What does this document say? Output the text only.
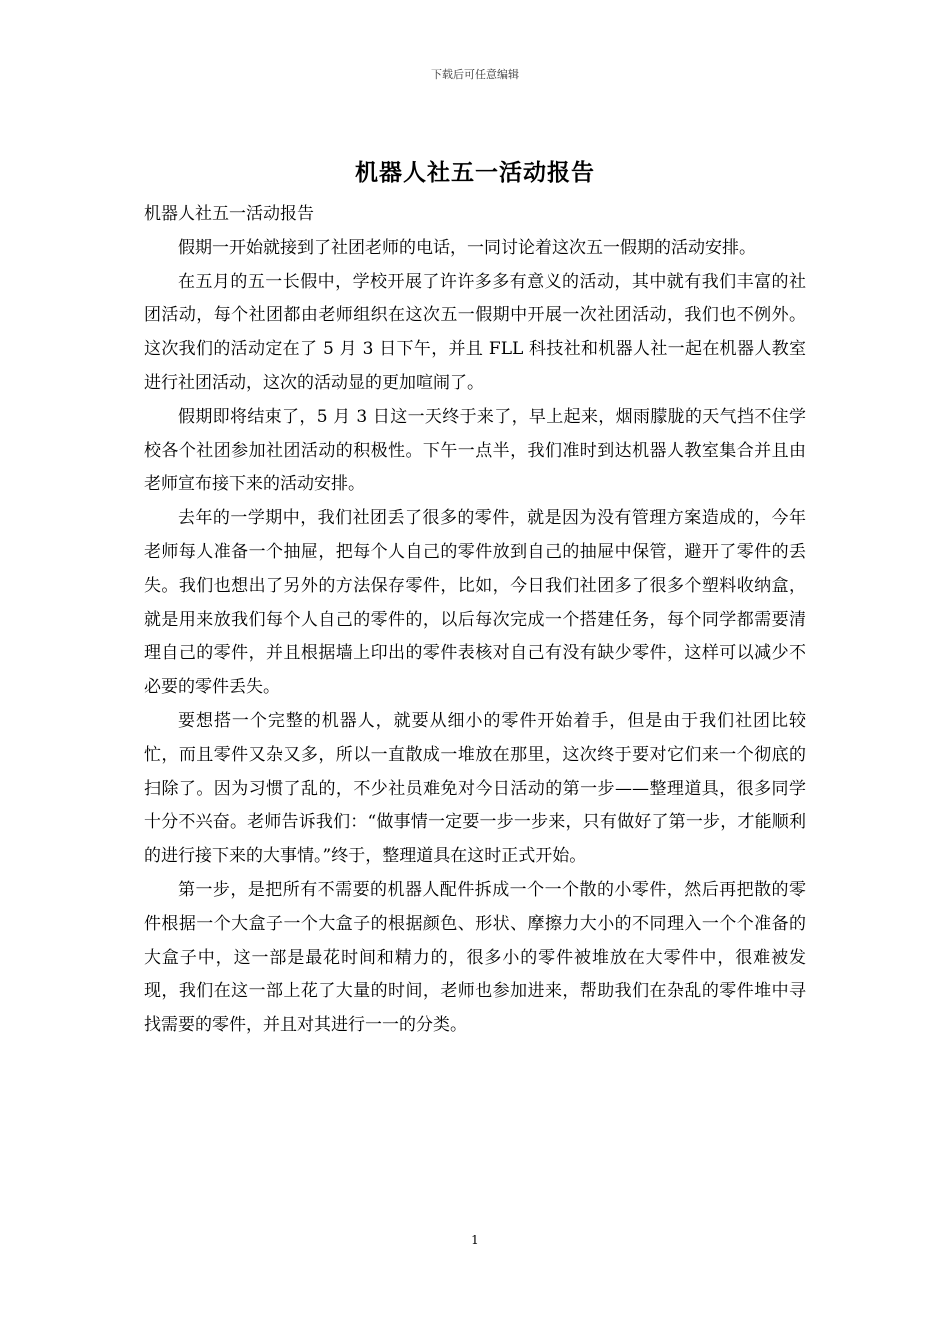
下载后可任意编辑
机器人社五一活动报告

机器人社五一活动报告

假期一开始就接到了社团老师的电话，一同讨论着这次五一假期的活动安排。

在五月的五一长假中，学校开展了许许多多有意义的活动，其中就有我们丰富的社团活动，每个社团都由老师组织在这次五一假期中开展一次社团活动，我们也不例外。这次我们的活动定在了 5 月 3 日下午，并且 FLL 科技社和机器人社一起在机器人教室进行社团活动，这次的活动显的更加喧闹了。

假期即将结束了，5 月 3 日这一天终于来了，早上起来，烟雨朦胧的天气挡不住学校各个社团参加社团活动的积极性。下午一点半，我们准时到达机器人教室集合并且由老师宣布接下来的活动安排。

去年的一学期中，我们社团丢了很多的零件，就是因为没有管理方案造成的，今年老师每人准备一个抽屉，把每个人自己的零件放到自己的抽屉中保管，避开了零件的丢失。我们也想出了另外的方法保存零件，比如，今日我们社团多了很多个塑料收纳盒，就是用来放我们每个人自己的零件的，以后每次完成一个搭建任务，每个同学都需要清理自己的零件，并且根据墙上印出的零件表核对自己有没有缺少零件，这样可以减少不必要的零件丢失。

要想搭一个完整的机器人，就要从细小的零件开始着手，但是由于我们社团比较忙，而且零件又杂又多，所以一直散成一堆放在那里，这次终于要对它们来一个彻底的扫除了。因为习惯了乱的，不少社员难免对今日活动的第一步——整理道具，很多同学十分不兴奋。老师告诉我们：“做事情一定要一步一步来，只有做好了第一步，才能顺利的进行接下来的大事情。”终于，整理道具在这时正式开始。

第一步，是把所有不需要的机器人配件拆成一个一个散的小零件，然后再把散的零件根据一个大盒子一个大盒子的根据颜色、形状、摩擦力大小的不同理入一个个准备的大盒子中，这一部是最花时间和精力的，很多小的零件被堆放在大零件中，很难被发现，我们在这一部上花了大量的时间，老师也参加进来，帮助我们在杂乱的零件堆中寻找需要的零件，并且对其进行一一的分类。

1
